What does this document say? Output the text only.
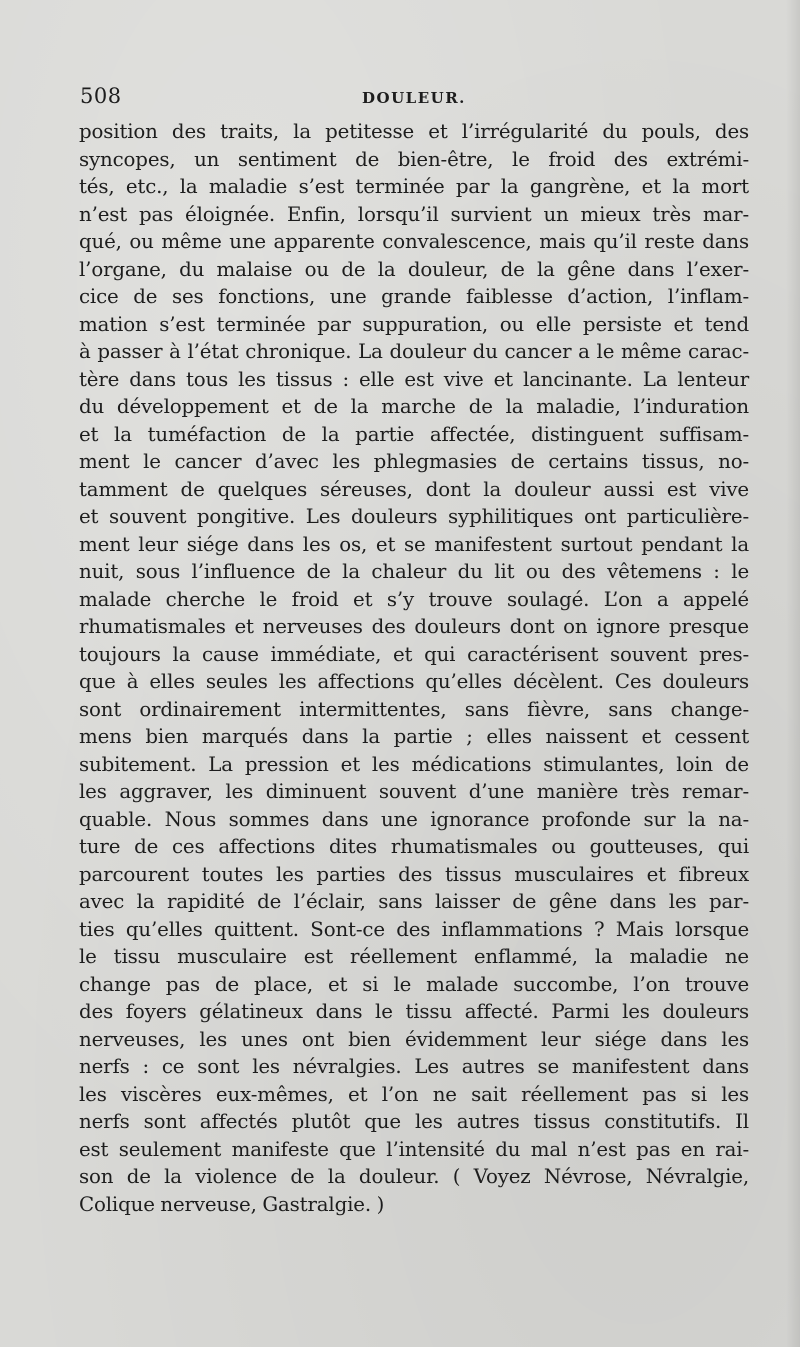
508	DOULEUR.
position des traits, la petitesse et l’irrégularité du pouls, des
syncopes, un sentiment de bien-être, le froid des extrémi-
tés, etc., la maladie s’est terminée par la gangrène, et la mort
n’est pas éloignée. Enfin, lorsqu’il survient un mieux très mar-
qué, ou même une apparente convalescence, mais qu’il reste dans
l’organe, du malaise ou de la douleur, de la gêne dans l’exer-
cice de ses fonctions, une grande faiblesse d’action, l’inflam-
mation s’est terminée par suppuration, ou elle persiste et tend
à passer à l’état chronique. La douleur du cancer a le même carac-
tère dans tous les tissus : elle est vive et lancinante. La lenteur
du développement et de la marche de la maladie, l’induration
et la tuméfaction de la partie affectée, distinguent suffisam-
ment le cancer d’avec les phlegmasies de certains tissus, no-
tamment de quelques séreuses, dont la douleur aussi est vive
et souvent pongitive. Les douleurs syphilitiques ont particulière-
ment leur siége dans les os, et se manifestent surtout pendant la
nuit, sous l’influence de la chaleur du lit ou des vêtemens : le
malade cherche le froid et s’y trouve soulagé. L’on a appelé
rhumatismales et nerveuses des douleurs dont on ignore presque
toujours la cause immédiate, et qui caractérisent souvent pres-
que à elles seules les affections qu’elles décèlent. Ces douleurs
sont ordinairement intermittentes, sans fièvre, sans change-
mens bien marqués dans la partie ; elles naissent et cessent
subitement. La pression et les médications stimulantes, loin de
les aggraver, les diminuent souvent d’une manière très remar-
quable. Nous sommes dans une ignorance profonde sur la na-
ture de ces affections dites rhumatismales ou goutteuses, qui
parcourent toutes les parties des tissus musculaires et fibreux
avec la rapidité de l’éclair, sans laisser de gêne dans les par-
ties qu’elles quittent. Sont-ce des inflammations ? Mais lorsque
le tissu musculaire est réellement enflammé, la maladie ne
change pas de place, et si le malade succombe, l’on trouve
des foyers gélatineux dans le tissu affecté. Parmi les douleurs
nerveuses, les unes ont bien évidemment leur siége dans les
nerfs : ce sont les névralgies. Les autres se manifestent dans
les viscères eux-mêmes, et l’on ne sait réellement pas si les
nerfs sont affectés plutôt que les autres tissus constitutifs. Il
est seulement manifeste que l’intensité du mal n’est pas en rai-
son de la violence de la douleur. ( Voyez Névrose, Névralgie,
Colique nerveuse, Gastralgie. )
